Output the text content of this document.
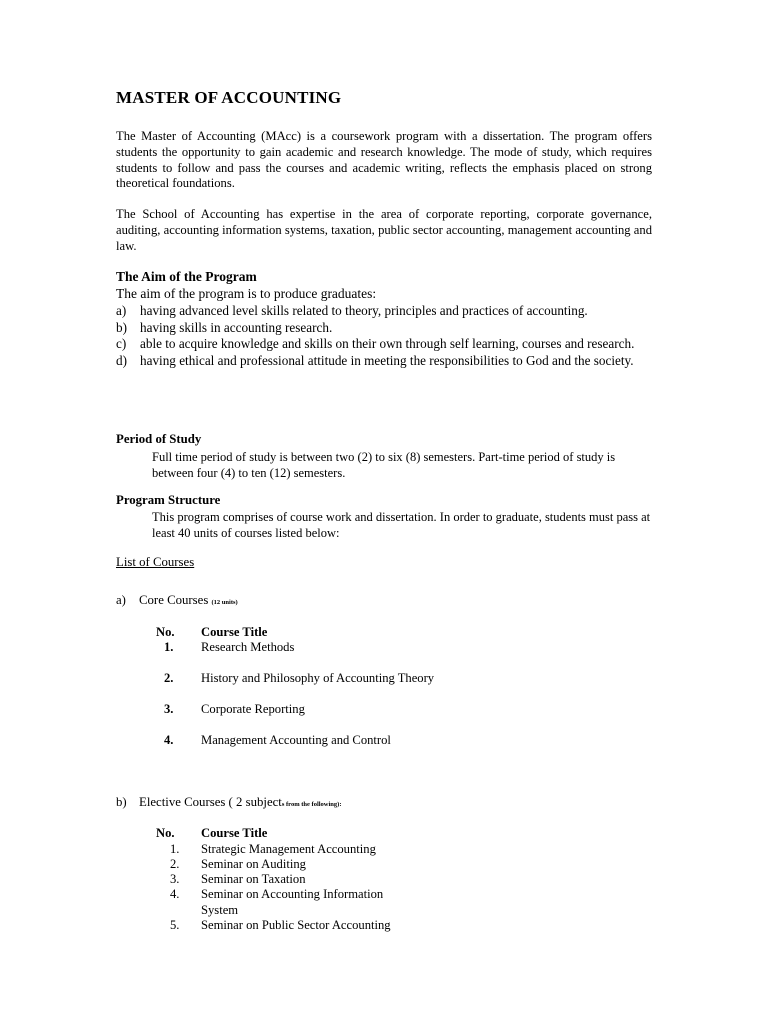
MASTER OF ACCOUNTING
The Master of Accounting (MAcc) is a coursework program with a dissertation. The program offers students the opportunity to gain academic and research knowledge. The mode of study, which requires students to follow and pass the courses and academic writing, reflects the emphasis placed on strong theoretical foundations.
The School of Accounting has expertise in the area of corporate reporting, corporate governance, auditing, accounting information systems, taxation, public sector accounting, management accounting and law.
The Aim of the Program
The aim of the program is to produce graduates:
a) having advanced level skills related to theory, principles and practices of accounting.
b) having skills in accounting research.
c) able to acquire knowledge and skills on their own through self learning, courses and research.
d) having ethical and professional attitude in meeting the responsibilities to God and the society.
Period of Study
Full time period of study is between two (2) to six (8) semesters. Part-time period of study is between four (4) to ten (12) semesters.
Program Structure
This program comprises of course work and dissertation. In order to graduate, students must pass at least 40 units of courses listed below:
List of Courses
a) Core Courses (12 units)
No. Course Title
1. Research Methods
2. History and Philosophy of Accounting Theory
3. Corporate Reporting
4. Management Accounting and Control
b) Elective Courses ( 2 subjects from the following):
No. Course Title
1. Strategic Management Accounting
2. Seminar on Auditing
3. Seminar on Taxation
4. Seminar on Accounting Information System
5. Seminar on Public Sector Accounting
